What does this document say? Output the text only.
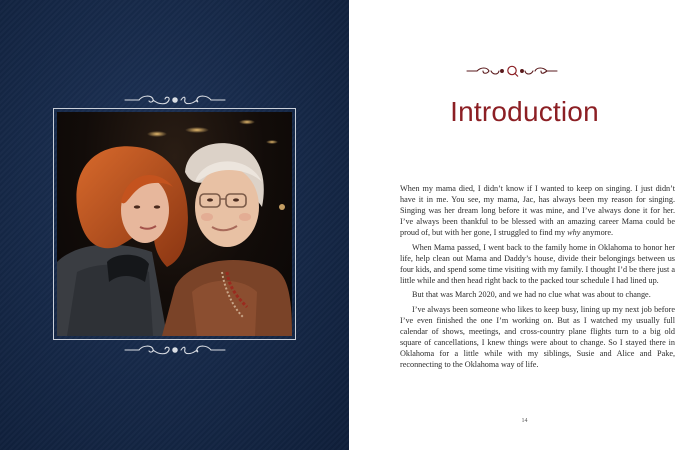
Introduction

When my mama died, I didn’t know if I wanted to keep on singing. I just didn’t have it in me. You see, my mama, Jac, has always been my reason for singing. Singing was her dream long before it was mine, and I’ve always done it for her. I’ve always been thankful to be blessed with an amazing career Mama could be proud of, but with her gone, I struggled to find my why anymore.

When Mama passed, I went back to the family home in Oklahoma to honor her life, help clean out Mama and Daddy’s house, divide their belongings between us four kids, and spend some time visiting with my family. I thought I’d be there just a little while and then head right back to the packed tour schedule I had lined up.

But that was March 2020, and we had no clue what was about to change.

I’ve always been someone who likes to keep busy, lining up my next job before I’ve even finished the one I’m working on. But as I watched my usually full calendar of shows, meetings, and cross-country plane flights turn to a big old square of cancellations, I knew things were about to change. So I stayed there in Oklahoma for a little while with my siblings, Susie and Alice and Pake, reconnecting to the Oklahoma way of life.

14
